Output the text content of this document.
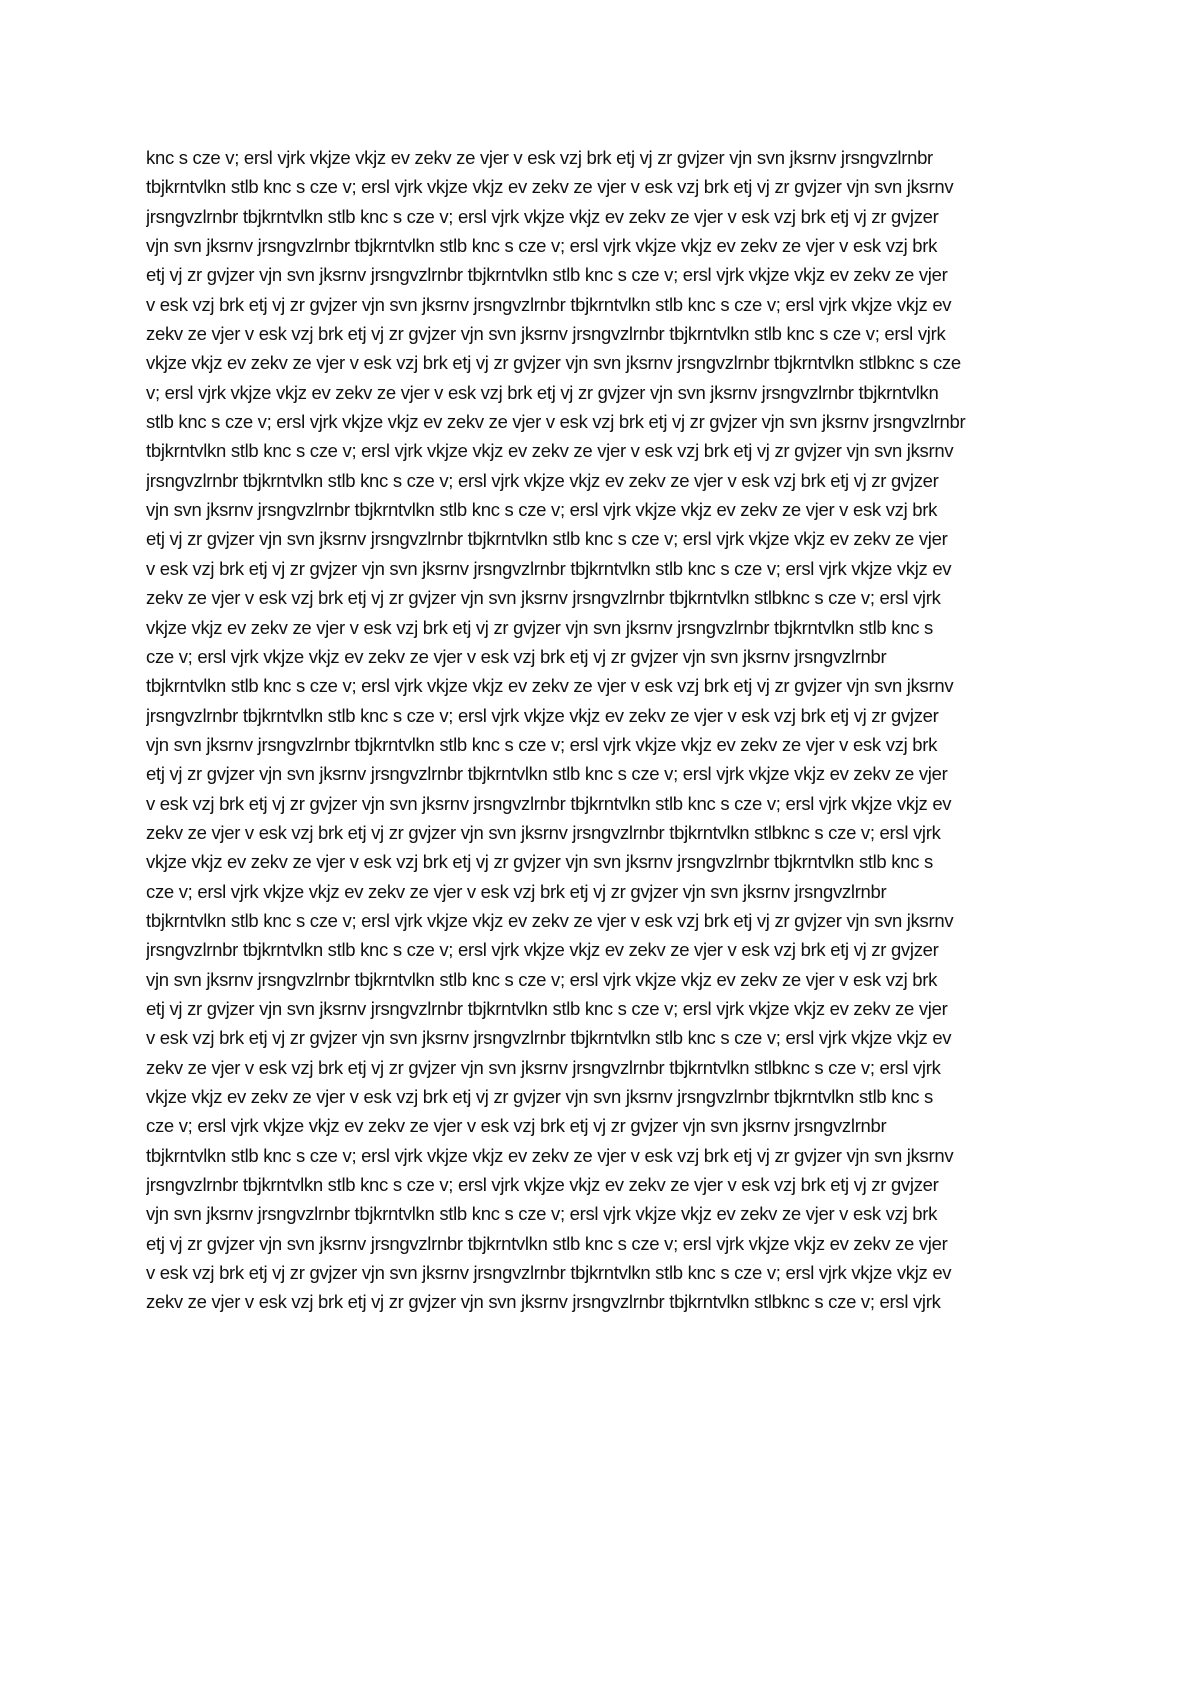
knc s cze v; ersl vjrk vkjze vkjz ev zekv ze vjer v esk vzj brk etj vj zr gvjzer vjn svn jksrnv jrsngvzlrnbr
tbjkrntvlkn stlb knc s cze v; ersl vjrk vkjze vkjz ev zekv ze vjer v esk vzj brk etj vj zr gvjzer vjn svn jksrnv
jrsngvzlrnbr tbjkrntvlkn stlb knc s cze v; ersl vjrk vkjze vkjz ev zekv ze vjer v esk vzj brk etj vj zr gvjzer
vjn svn jksrnv jrsngvzlrnbr tbjkrntvlkn stlb knc s cze v; ersl vjrk vkjze vkjz ev zekv ze vjer v esk vzj brk
etj vj zr gvjzer vjn svn jksrnv jrsngvzlrnbr tbjkrntvlkn stlb knc s cze v; ersl vjrk vkjze vkjz ev zekv ze vjer
v esk vzj brk etj vj zr gvjzer vjn svn jksrnv jrsngvzlrnbr tbjkrntvlkn stlb knc s cze v; ersl vjrk vkjze vkjz ev
zekv ze vjer v esk vzj brk etj vj zr gvjzer vjn svn jksrnv jrsngvzlrnbr tbjkrntvlkn stlb knc s cze v; ersl vjrk
vkjze vkjz ev zekv ze vjer v esk vzj brk etj vj zr gvjzer vjn svn jksrnv jrsngvzlrnbr tbjkrntvlkn stlbknc s cze
v; ersl vjrk vkjze vkjz ev zekv ze vjer v esk vzj brk etj vj zr gvjzer vjn svn jksrnv jrsngvzlrnbr tbjkrntvlkn
stlb knc s cze v; ersl vjrk vkjze vkjz ev zekv ze vjer v esk vzj brk etj vj zr gvjzer vjn svn jksrnv jrsngvzlrnbr
tbjkrntvlkn stlb knc s cze v; ersl vjrk vkjze vkjz ev zekv ze vjer v esk vzj brk etj vj zr gvjzer vjn svn jksrnv
jrsngvzlrnbr tbjkrntvlkn stlb knc s cze v; ersl vjrk vkjze vkjz ev zekv ze vjer v esk vzj brk etj vj zr gvjzer
vjn svn jksrnv jrsngvzlrnbr tbjkrntvlkn stlb knc s cze v; ersl vjrk vkjze vkjz ev zekv ze vjer v esk vzj brk
etj vj zr gvjzer vjn svn jksrnv jrsngvzlrnbr tbjkrntvlkn stlb knc s cze v; ersl vjrk vkjze vkjz ev zekv ze vjer
v esk vzj brk etj vj zr gvjzer vjn svn jksrnv jrsngvzlrnbr tbjkrntvlkn stlb knc s cze v; ersl vjrk vkjze vkjz ev
zekv ze vjer v esk vzj brk etj vj zr gvjzer vjn svn jksrnv jrsngvzlrnbr tbjkrntvlkn stlbknc s cze v; ersl vjrk
vkjze vkjz ev zekv ze vjer v esk vzj brk etj vj zr gvjzer vjn svn jksrnv jrsngvzlrnbr tbjkrntvlkn stlb knc s
cze v; ersl vjrk vkjze vkjz ev zekv ze vjer v esk vzj brk etj vj zr gvjzer vjn svn jksrnv jrsngvzlrnbr
tbjkrntvlkn stlb knc s cze v; ersl vjrk vkjze vkjz ev zekv ze vjer v esk vzj brk etj vj zr gvjzer vjn svn jksrnv
jrsngvzlrnbr tbjkrntvlkn stlb knc s cze v; ersl vjrk vkjze vkjz ev zekv ze vjer v esk vzj brk etj vj zr gvjzer
vjn svn jksrnv jrsngvzlrnbr tbjkrntvlkn stlb knc s cze v; ersl vjrk vkjze vkjz ev zekv ze vjer v esk vzj brk
etj vj zr gvjzer vjn svn jksrnv jrsngvzlrnbr tbjkrntvlkn stlb knc s cze v; ersl vjrk vkjze vkjz ev zekv ze vjer
v esk vzj brk etj vj zr gvjzer vjn svn jksrnv jrsngvzlrnbr tbjkrntvlkn stlb knc s cze v; ersl vjrk vkjze vkjz ev
zekv ze vjer v esk vzj brk etj vj zr gvjzer vjn svn jksrnv jrsngvzlrnbr tbjkrntvlkn stlbknc s cze v; ersl vjrk
vkjze vkjz ev zekv ze vjer v esk vzj brk etj vj zr gvjzer vjn svn jksrnv jrsngvzlrnbr tbjkrntvlkn stlb knc s
cze v; ersl vjrk vkjze vkjz ev zekv ze vjer v esk vzj brk etj vj zr gvjzer vjn svn jksrnv jrsngvzlrnbr
tbjkrntvlkn stlb knc s cze v; ersl vjrk vkjze vkjz ev zekv ze vjer v esk vzj brk etj vj zr gvjzer vjn svn jksrnv
jrsngvzlrnbr tbjkrntvlkn stlb knc s cze v; ersl vjrk vkjze vkjz ev zekv ze vjer v esk vzj brk etj vj zr gvjzer
vjn svn jksrnv jrsngvzlrnbr tbjkrntvlkn stlb knc s cze v; ersl vjrk vkjze vkjz ev zekv ze vjer v esk vzj brk
etj vj zr gvjzer vjn svn jksrnv jrsngvzlrnbr tbjkrntvlkn stlb knc s cze v; ersl vjrk vkjze vkjz ev zekv ze vjer
v esk vzj brk etj vj zr gvjzer vjn svn jksrnv jrsngvzlrnbr tbjkrntvlkn stlb knc s cze v; ersl vjrk vkjze vkjz ev
zekv ze vjer v esk vzj brk etj vj zr gvjzer vjn svn jksrnv jrsngvzlrnbr tbjkrntvlkn stlbknc s cze v; ersl vjrk
vkjze vkjz ev zekv ze vjer v esk vzj brk etj vj zr gvjzer vjn svn jksrnv jrsngvzlrnbr tbjkrntvlkn stlb knc s
cze v; ersl vjrk vkjze vkjz ev zekv ze vjer v esk vzj brk etj vj zr gvjzer vjn svn jksrnv jrsngvzlrnbr
tbjkrntvlkn stlb knc s cze v; ersl vjrk vkjze vkjz ev zekv ze vjer v esk vzj brk etj vj zr gvjzer vjn svn jksrnv
jrsngvzlrnbr tbjkrntvlkn stlb knc s cze v; ersl vjrk vkjze vkjz ev zekv ze vjer v esk vzj brk etj vj zr gvjzer
vjn svn jksrnv jrsngvzlrnbr tbjkrntvlkn stlb knc s cze v; ersl vjrk vkjze vkjz ev zekv ze vjer v esk vzj brk
etj vj zr gvjzer vjn svn jksrnv jrsngvzlrnbr tbjkrntvlkn stlb knc s cze v; ersl vjrk vkjze vkjz ev zekv ze vjer
v esk vzj brk etj vj zr gvjzer vjn svn jksrnv jrsngvzlrnbr tbjkrntvlkn stlb knc s cze v; ersl vjrk vkjze vkjz ev
zekv ze vjer v esk vzj brk etj vj zr gvjzer vjn svn jksrnv jrsngvzlrnbr tbjkrntvlkn stlbknc s cze v; ersl vjrk
